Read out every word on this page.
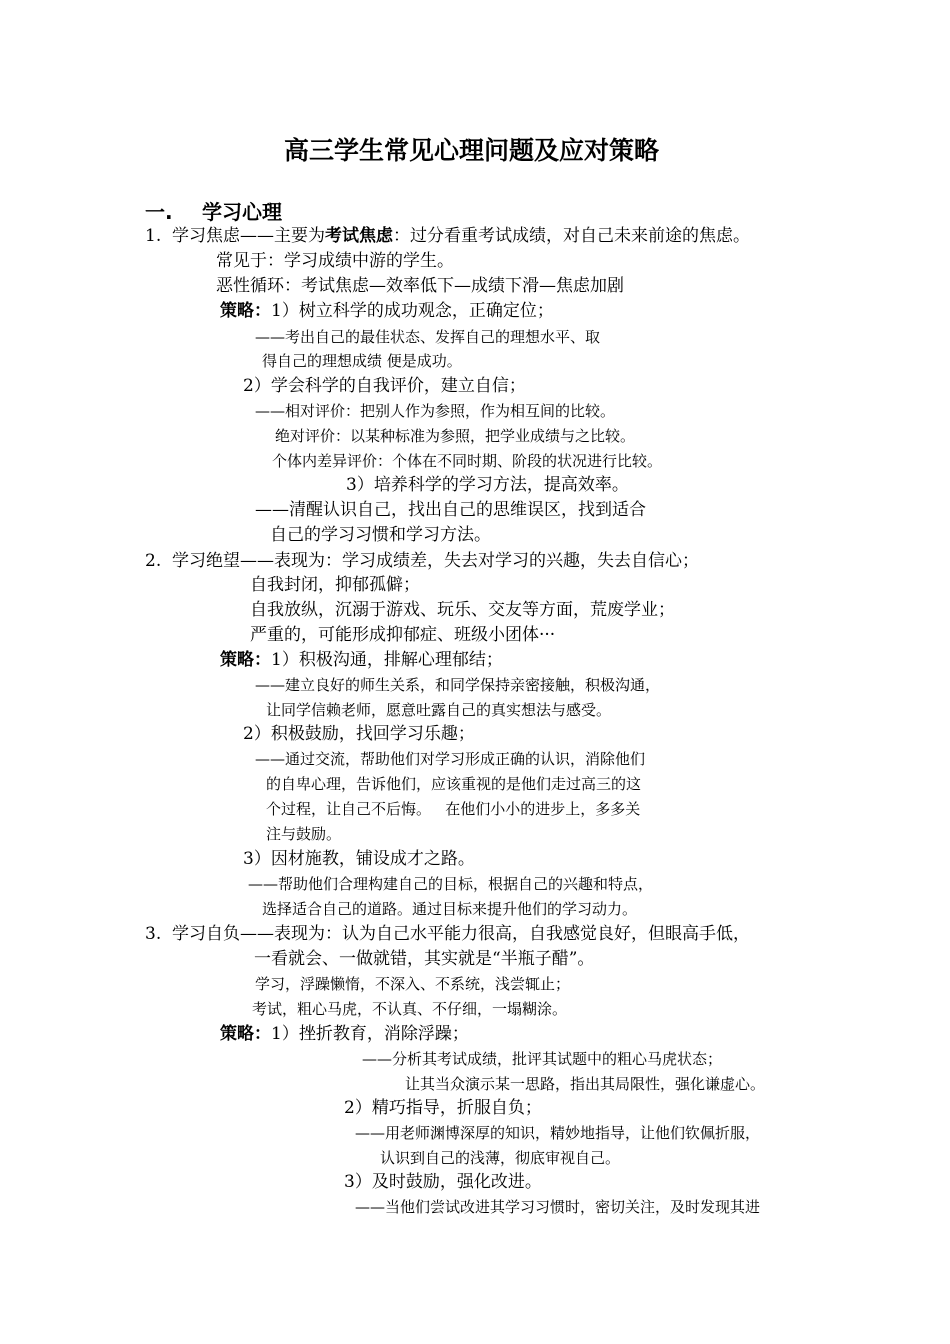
高三学生常见心理问题及应对策略
一. 学习心理
1. 学习焦虑——主要为考试焦虑：过分看重考试成绩，对自己未来前途的焦虑。
常见于：学习成绩中游的学生。
恶性循环：考试焦虑—效率低下—成绩下滑—焦虑加剧
策略：1）树立科学的成功观念，正确定位；
——考出自己的最佳状态、发挥自己的理想水平、取
得自己的理想成绩 便是成功。
2）学会科学的自我评价，建立自信；
——相对评价：把别人作为参照，作为相互间的比较。
绝对评价：以某种标准为参照，把学业成绩与之比较。
个体内差异评价：个体在不同时期、阶段的状况进行比较。
3）培养科学的学习方法，提高效率。
——清醒认识自己，找出自己的思维误区，找到适合
自己的学习习惯和学习方法。
2. 学习绝望——表现为：学习成绩差，失去对学习的兴趣，失去自信心；
自我封闭，抑郁孤僻；
自我放纵，沉溺于游戏、玩乐、交友等方面，荒废学业；
严重的，可能形成抑郁症、班级小团体···
策略：1）积极沟通，排解心理郁结；
——建立良好的师生关系，和同学保持亲密接触，积极沟通，
让同学信赖老师，愿意吐露自己的真实想法与感受。
2）积极鼓励，找回学习乐趣；
——通过交流，帮助他们对学习形成正确的认识，消除他们
的自卑心理，告诉他们，应该重视的是他们走过高三的这
个过程，让自己不后悔。   在他们小小的进步上，多多关
注与鼓励。
3）因材施教，铺设成才之路。
——帮助他们合理构建自己的目标，根据自己的兴趣和特点，
选择适合自己的道路。通过目标来提升他们的学习动力。
3. 学习自负——表现为：认为自己水平能力很高，自我感觉良好，但眼高手低，
一看就会、一做就错，其实就是“半瓶子醋”。
学习，浮躁懒惰，不深入、不系统，浅尝辄止；
考试，粗心马虎，不认真、不仔细，一塌糊涂。
策略：1）挫折教育，消除浮躁；
——分析其考试成绩，批评其试题中的粗心马虎状态；
让其当众演示某一思路，指出其局限性，强化谦虚心。
2）精巧指导，折服自负；
——用老师渊博深厚的知识，精妙地指导，让他们钦佩折服，
认识到自己的浅薄，彻底审视自己。
3）及时鼓励，强化改进。
——当他们尝试改进其学习习惯时，密切关注，及时发现其进
